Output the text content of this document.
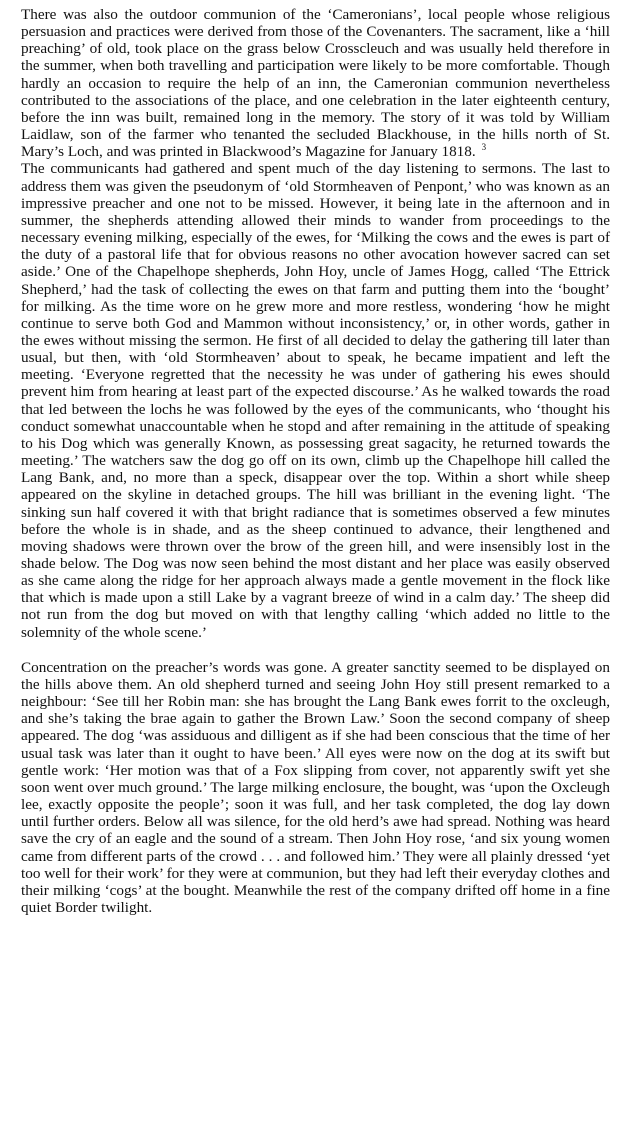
There was also the outdoor communion of the ‘Cameronians’, local people whose religious persuasion and practices were derived from those of the Covenanters. The sacrament, like a ‘hill preaching’ of old, took place on the grass below Crosscleuch and was usually held therefore in the summer, when both travelling and participation were likely to be more comfortable. Though hardly an occasion to require the help of an inn, the Cameronian communion nevertheless contributed to the associations of the place, and one celebration in the later eighteenth century, before the inn was built, remained long in the memory. The story of it was told by William Laidlaw, son of the farmer who tenanted the secluded Blackhouse, in the hills north of St. Mary’s Loch, and was printed in Blackwood’s Magazine for January 1818. $^3$

The communicants had gathered and spent much of the day listening to sermons. The last to address them was given the pseudonym of ‘old Stormheaven of Penpont,’ who was known as an impressive preacher and one not to be missed. However, it being late in the afternoon and in summer, the shepherds attending allowed their minds to wander from proceedings to the necessary evening milking, especially of the ewes, for ‘Milking the cows and the ewes is part of the duty of a pastoral life that for obvious reasons no other avocation however sacred can set aside.’ One of the Chapelhope shepherds, John Hoy, uncle of James Hogg, called ‘The Ettrick Shepherd,’ had the task of collecting the ewes on that farm and putting them into the ‘bought’ for milking. As the time wore on he grew more and more restless, wondering ‘how he might continue to serve both God and Mammon without inconsistency,’ or, in other words, gather in the ewes without missing the sermon. He first of all decided to delay the gathering till later than usual, but then, with ‘old Stormheaven’ about to speak, he became impatient and left the meeting. ‘Everyone regretted that the necessity he was under of gathering his ewes should prevent him from hearing at least part of the expected discourse.’ As he walked towards the road that led between the lochs he was followed by the eyes of the communicants, who ‘thought his conduct somewhat unaccountable when he stopd and after remaining in the attitude of speaking to his Dog which was generally Known, as possessing great sagacity, he returned towards the meeting.’ The watchers saw the dog go off on its own, climb up the Chapelhope hill called the Lang Bank, and, no more than a speck, disappear over the top. Within a short while sheep appeared on the skyline in detached groups. The hill was brilliant in the evening light. ‘The sinking sun half covered it with that bright radiance that is sometimes observed a few minutes before the whole is in shade, and as the sheep continued to advance, their lengthened and moving shadows were thrown over the brow of the green hill, and were insensibly lost in the shade below. The Dog was now seen behind the most distant and her place was easily observed as she came along the ridge for her approach always made a gentle movement in the flock like that which is made upon a still Lake by a vagrant breeze of wind in a calm day.’ The sheep did not run from the dog but moved on with that lengthy calling ‘which added no little to the solemnity of the whole scene.’

Concentration on the preacher’s words was gone. A greater sanctity seemed to be displayed on the hills above them. An old shepherd turned and seeing John Hoy still present remarked to a neighbour: ‘See till her Robin man: she has brought the Lang Bank ewes forrit to the oxcleugh, and she’s taking the brae again to gather the Brown Law.’ Soon the second company of sheep appeared. The dog ‘was assiduous and dilligent as if she had been conscious that the time of her usual task was later than it ought to have been.’ All eyes were now on the dog at its swift but gentle work: ‘Her motion was that of a Fox slipping from cover, not apparently swift yet she soon went over much ground.’ The large milking enclosure, the bought, was ‘upon the Oxcleugh lee, exactly opposite the people’; soon it was full, and her task completed, the dog lay down until further orders. Below all was silence, for the old herd’s awe had spread. Nothing was heard save the cry of an eagle and the sound of a stream. Then John Hoy rose, ‘and six young women came from different parts of the crowd . . . and followed him.’ They were all plainly dressed ‘yet too well for their work’ for they were at communion, but they had left their everyday clothes and their milking ‘cogs’ at the bought. Meanwhile the rest of the company drifted off home in a fine quiet Border twilight.
